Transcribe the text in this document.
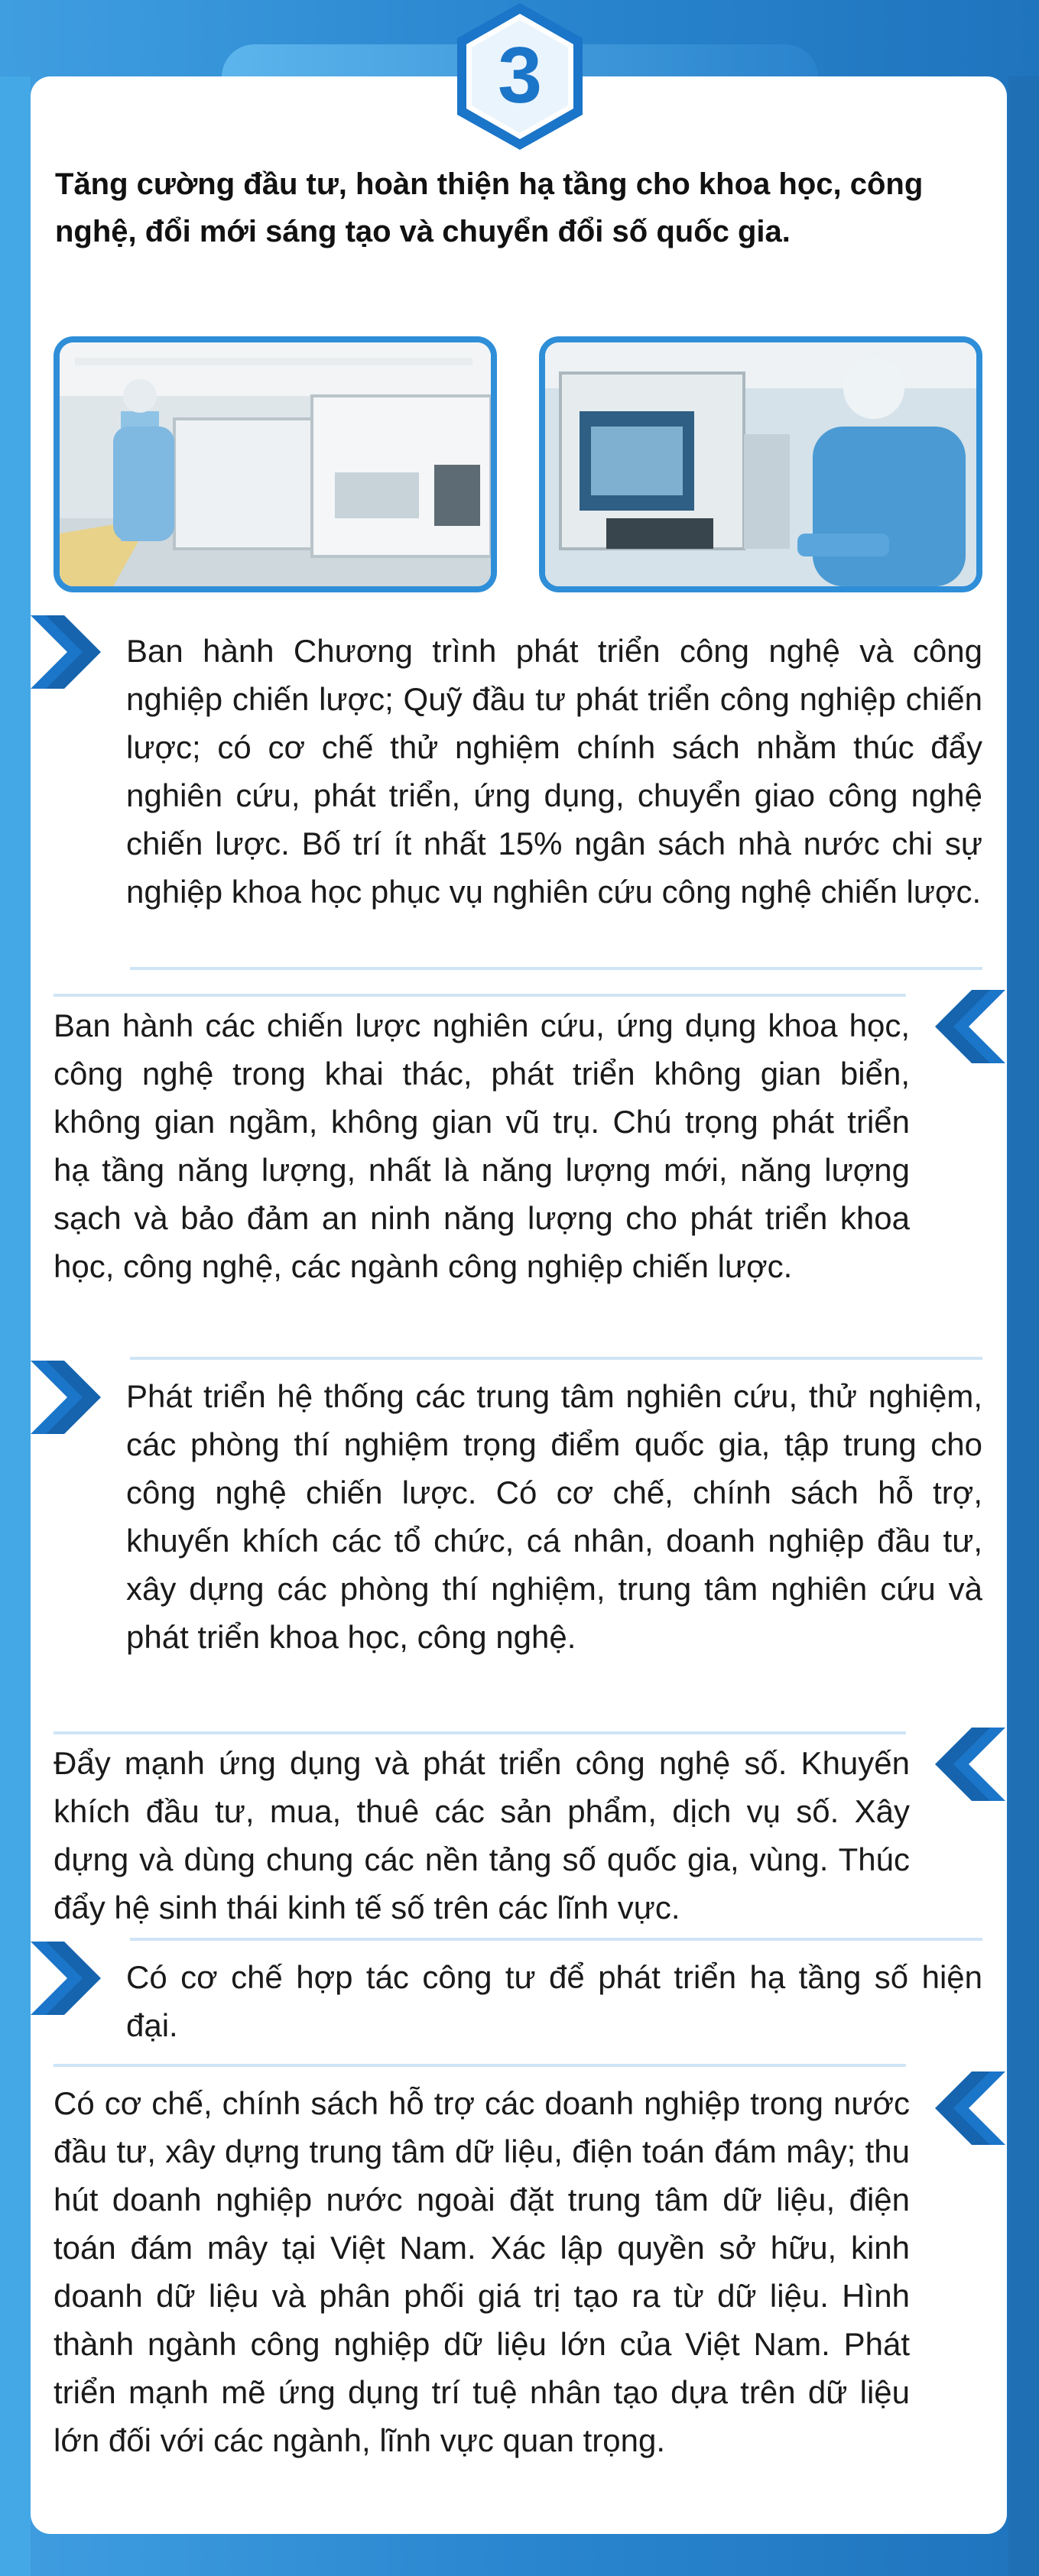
3
Tăng cường đầu tư, hoàn thiện hạ tầng cho khoa học, công nghệ, đổi mới sáng tạo và chuyển đổi số quốc gia.

Ban hành Chương trình phát triển công nghệ và công nghiệp chiến lược; Quỹ đầu tư phát triển công nghiệp chiến lược; có cơ chế thử nghiệm chính sách nhằm thúc đẩy nghiên cứu, phát triển, ứng dụng, chuyển giao công nghệ chiến lược. Bố trí ít nhất 15% ngân sách nhà nước chi sự nghiệp khoa học phục vụ nghiên cứu công nghệ chiến lược.

Ban hành các chiến lược nghiên cứu, ứng dụng khoa học, công nghệ trong khai thác, phát triển không gian biển, không gian ngầm, không gian vũ trụ. Chú trọng phát triển hạ tầng năng lượng, nhất là năng lượng mới, năng lượng sạch và bảo đảm an ninh năng lượng cho phát triển khoa học, công nghệ, các ngành công nghiệp chiến lược.

Phát triển hệ thống các trung tâm nghiên cứu, thử nghiệm, các phòng thí nghiệm trọng điểm quốc gia, tập trung cho công nghệ chiến lược. Có cơ chế, chính sách hỗ trợ, khuyến khích các tổ chức, cá nhân, doanh nghiệp đầu tư, xây dựng các phòng thí nghiệm, trung tâm nghiên cứu và phát triển khoa học, công nghệ.

Đẩy mạnh ứng dụng và phát triển công nghệ số. Khuyến khích đầu tư, mua, thuê các sản phẩm, dịch vụ số. Xây dựng và dùng chung các nền tảng số quốc gia, vùng. Thúc đẩy hệ sinh thái kinh tế số trên các lĩnh vực.

Có cơ chế hợp tác công tư để phát triển hạ tầng số hiện đại.

Có cơ chế, chính sách hỗ trợ các doanh nghiệp trong nước đầu tư, xây dựng trung tâm dữ liệu, điện toán đám mây; thu hút doanh nghiệp nước ngoài đặt trung tâm dữ liệu, điện toán đám mây tại Việt Nam. Xác lập quyền sở hữu, kinh doanh dữ liệu và phân phối giá trị tạo ra từ dữ liệu. Hình thành ngành công nghiệp dữ liệu lớn của Việt Nam. Phát triển mạnh mẽ ứng dụng trí tuệ nhân tạo dựa trên dữ liệu lớn đối với các ngành, lĩnh vực quan trọng.
